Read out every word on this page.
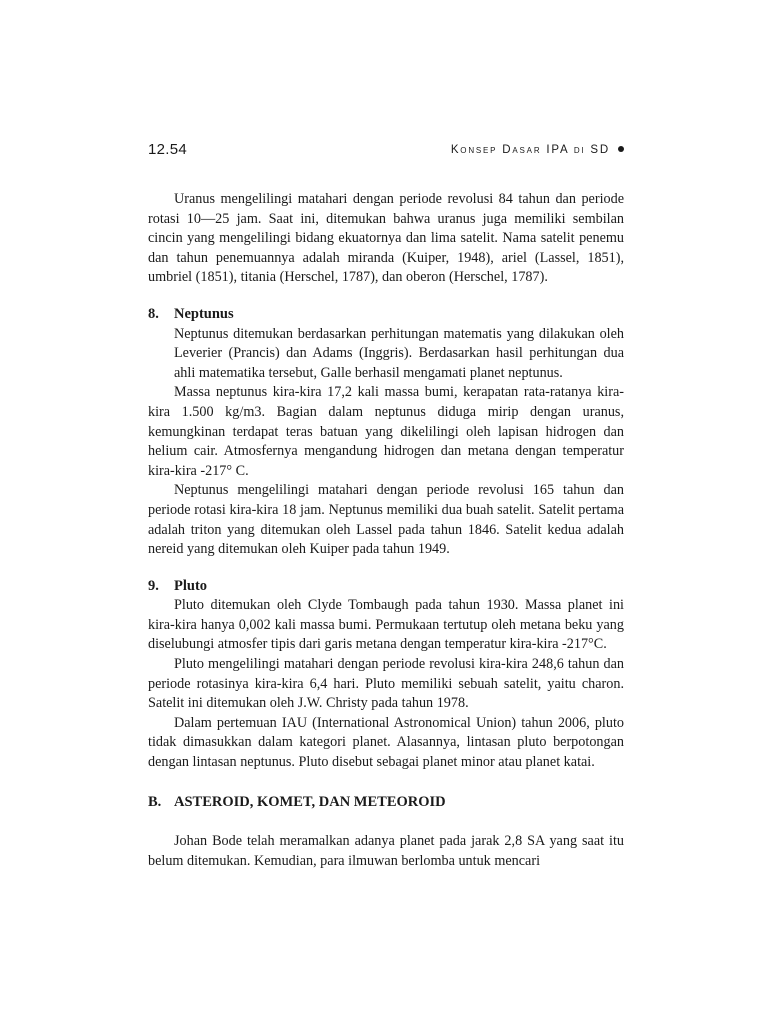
12.54	Konsep Dasar IPA di SD

Uranus mengelilingi matahari dengan periode revolusi 84 tahun dan periode rotasi 10—25 jam. Saat ini, ditemukan bahwa uranus juga memiliki sembilan cincin yang mengelilingi bidang ekuatornya dan lima satelit. Nama satelit penemu dan tahun penemuannya adalah miranda (Kuiper, 1948), ariel (Lassel, 1851), umbriel (1851), titania (Herschel, 1787), dan oberon (Herschel, 1787).

8.	Neptunus

Neptunus ditemukan berdasarkan perhitungan matematis yang dilakukan oleh Leverier (Prancis) dan Adams (Inggris). Berdasarkan hasil perhitungan dua ahli matematika tersebut, Galle berhasil mengamati planet neptunus.

Massa neptunus kira-kira 17,2 kali massa bumi, kerapatan rata-ratanya kira-kira 1.500 kg/m3. Bagian dalam neptunus diduga mirip dengan uranus, kemungkinan terdapat teras batuan yang dikelilingi oleh lapisan hidrogen dan helium cair. Atmosfernya mengandung hidrogen dan metana dengan temperatur kira-kira -217° C.

Neptunus mengelilingi matahari dengan periode revolusi 165 tahun dan periode rotasi kira-kira 18 jam. Neptunus memiliki dua buah satelit. Satelit pertama adalah triton yang ditemukan oleh Lassel pada tahun 1846. Satelit kedua adalah nereid yang ditemukan oleh Kuiper pada tahun 1949.

9.	Pluto

Pluto ditemukan oleh Clyde Tombaugh pada tahun 1930. Massa planet ini kira-kira hanya 0,002 kali massa bumi. Permukaan tertutup oleh metana beku yang diselubungi atmosfer tipis dari garis metana dengan temperatur kira-kira -217°C.

Pluto mengelilingi matahari dengan periode revolusi kira-kira 248,6 tahun dan periode rotasinya kira-kira 6,4 hari. Pluto memiliki sebuah satelit, yaitu charon. Satelit ini ditemukan oleh J.W. Christy pada tahun 1978.

Dalam pertemuan IAU (International Astronomical Union) tahun 2006, pluto tidak dimasukkan dalam kategori planet. Alasannya, lintasan pluto berpotongan dengan lintasan neptunus. Pluto disebut sebagai planet minor atau planet katai.

B. ASTEROID, KOMET, DAN METEOROID

Johan Bode telah meramalkan adanya planet pada jarak 2,8 SA yang saat itu belum ditemukan. Kemudian, para ilmuwan berlomba untuk mencari
